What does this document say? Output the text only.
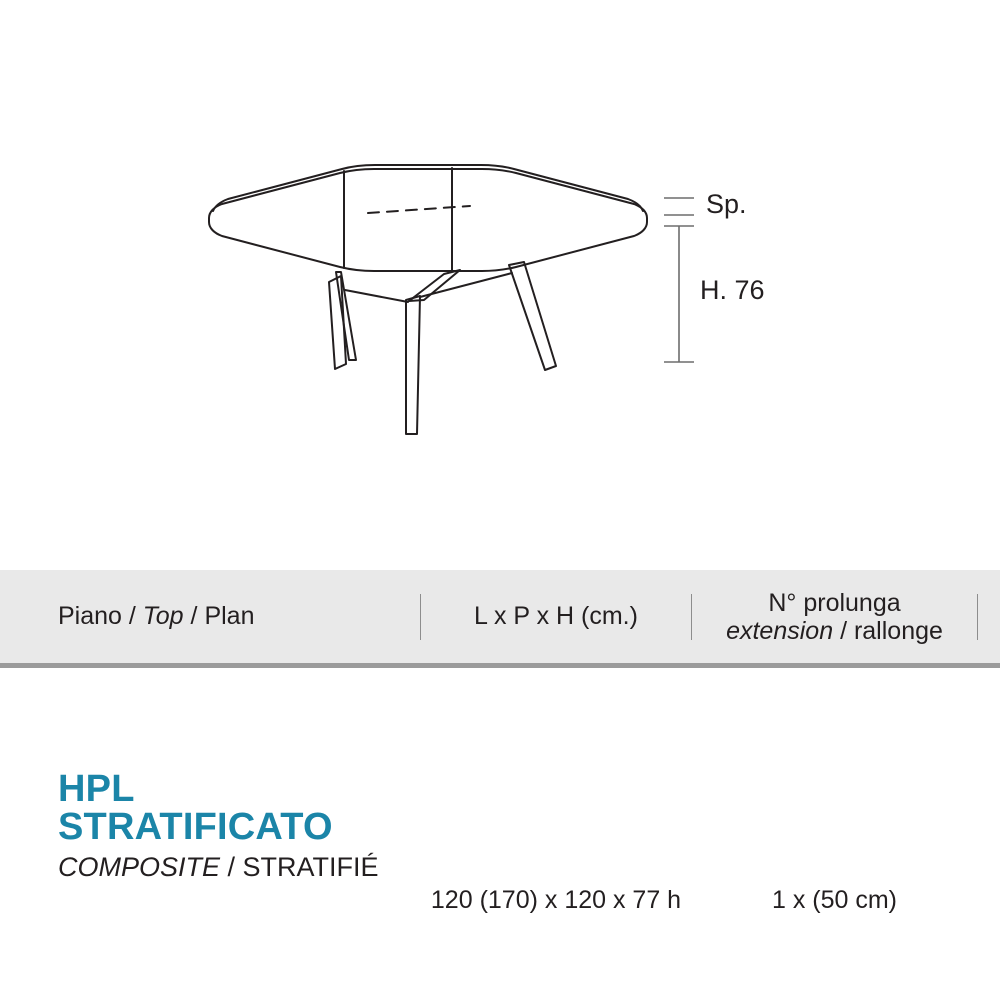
Sp.
H. 76
Piano / Top / Plan	L x P x H (cm.)	N° prolunga
extension / rallonge
HPL
STRATIFICATO
COMPOSITE / STRATIFIÉ
120 (170) x 120 x 77 h	1 x (50 cm)
